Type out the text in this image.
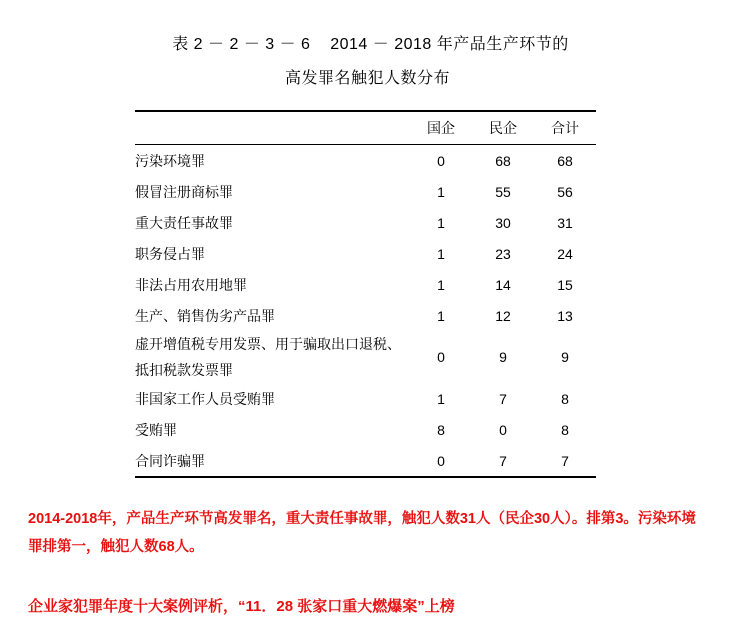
表 2 － 2 － 3 － 6    2014 － 2018 年产品生产环节的
高发罪名触犯人数分布
	国企	民企	合计
污染环境罪	0	68	68
假冒注册商标罪	1	55	56
重大责任事故罪	1	30	31
职务侵占罪	1	23	24
非法占用农用地罪	1	14	15
生产、销售伪劣产品罪	1	12	13

虚开增值税专用发票、用于骗取出口退税、
抵扣税款发票罪	0	9	9
非国家工作人员受贿罪	1	7	8
受贿罪	8	0	8
合同诈骗罪	0	7	7
2014-2018年，产品生产环节高发罪名，重大责任事故罪，触犯人数31人（民企30人）。排第3。污染环境罪排第一，触犯人数68人。
企业家犯罪年度十大案例评析，“11．28 张家口重大燃爆案”上榜
